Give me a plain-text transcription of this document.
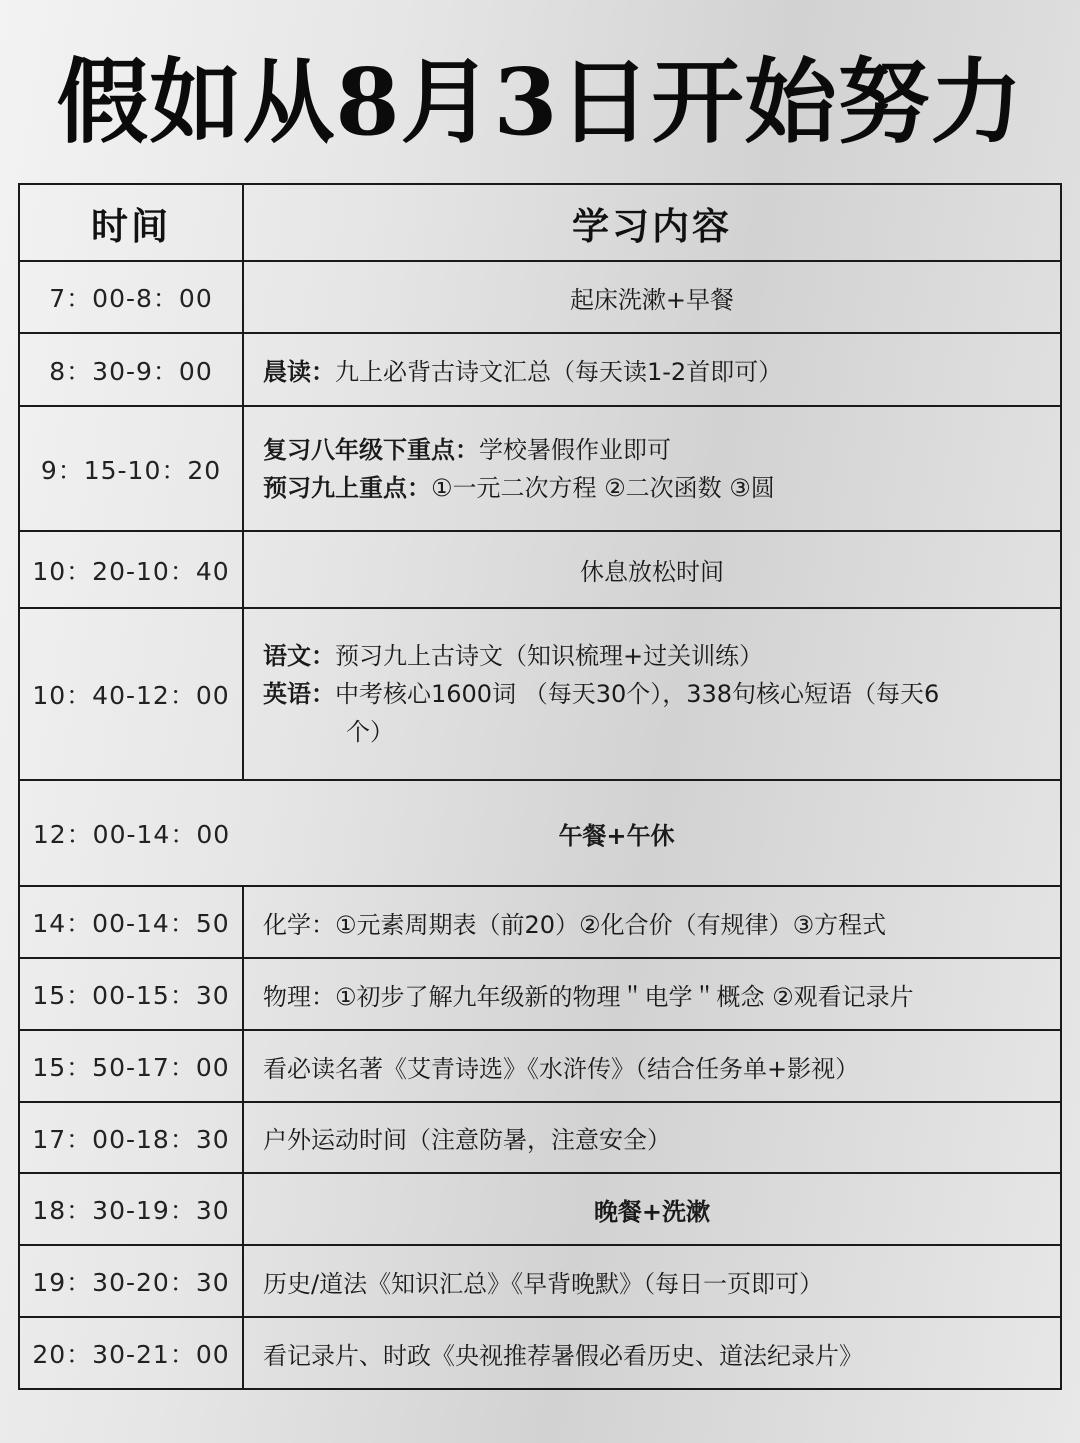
假如从8月3日开始努力
时间	学习内容
7：00-8：00	起床洗漱+早餐
8：30-9：00	晨读：九上必背古诗文汇总（每天读1-2首即可）
9：15-10：20	复习八年级下重点：学校暑假作业即可
预习九上重点：①一元二次方程 ②二次函数 ③圆

10：20-10：40	休息放松时间
10：40-12：00	语文：预习九上古诗文（知识梳理+过关训练）
英语：中考核心1600词 （每天30个），338句核心短语（每天6
个）

12：00-14：00	午餐+午休
14：00-14：50	化学：①元素周期表（前20）②化合价（有规律）③方程式
15：00-15：30	物理：①初步了解九年级新的物理＂电学＂概念 ②观看记录片
15：50-17：00	看必读名著《艾青诗选》《水浒传》（结合任务单+影视）
17：00-18：30	户外运动时间（注意防暑，注意安全）
18：30-19：30	晚餐+洗漱
19：30-20：30	历史/道法《知识汇总》《早背晚默》（每日一页即可）
20：30-21：00	看记录片、时政《央视推荐暑假必看历史、道法纪录片》
